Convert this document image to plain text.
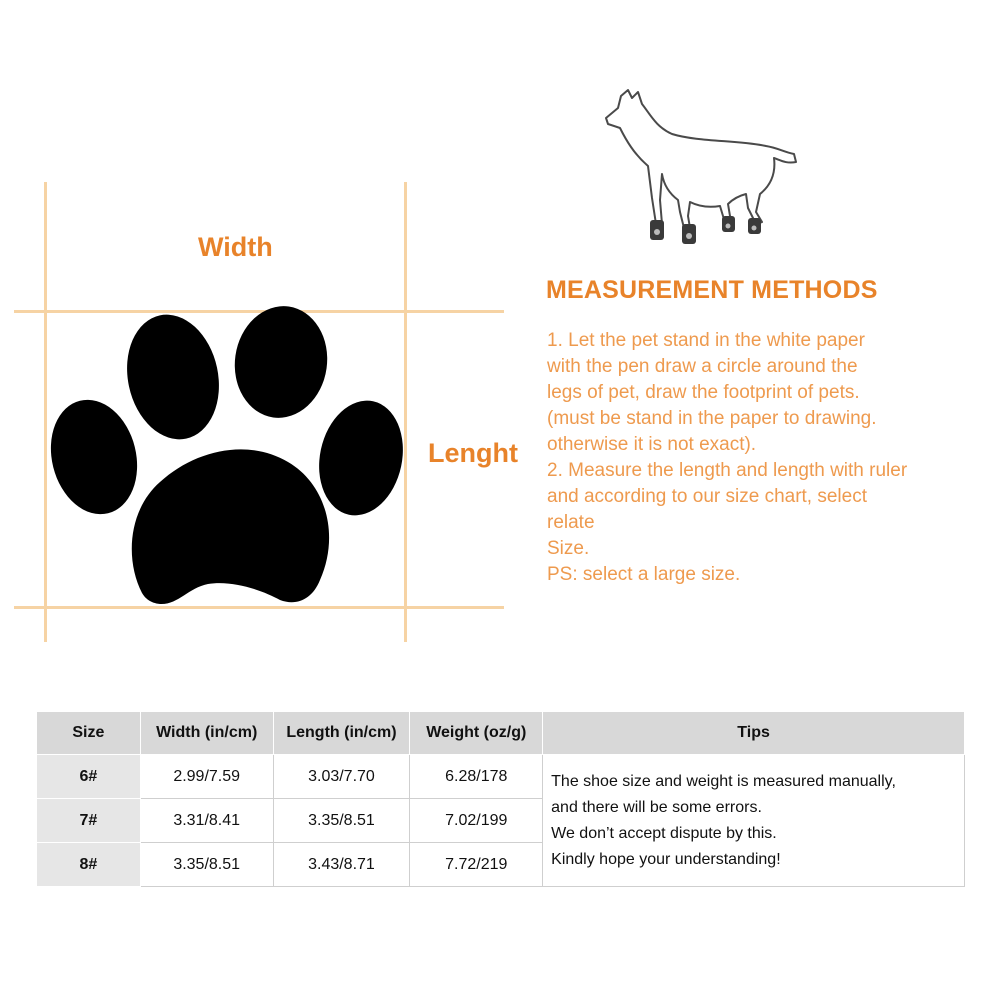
Width
Lenght
MEASUREMENT METHODS
1. Let the pet stand in the white paper
with the pen draw a circle around the
legs of pet, draw the footprint of pets.
(must be stand in the paper to drawing.
otherwise it is not exact).
2. Measure the length and length with ruler
and according to our size chart, select
relate
Size.
PS: select a large size.
Size	Width (in/cm)	Length (in/cm)	Weight (oz/g)	Tips
6#	2.99/7.59	3.03/7.70	6.28/178	The shoe size and weight is measured manually,
and there will be some errors.
We don’t accept dispute by this.
Kindly hope your understanding!

7#	3.31/8.41	3.35/8.51	7.02/199	
8#	3.35/8.51	3.43/8.71	7.72/219	
